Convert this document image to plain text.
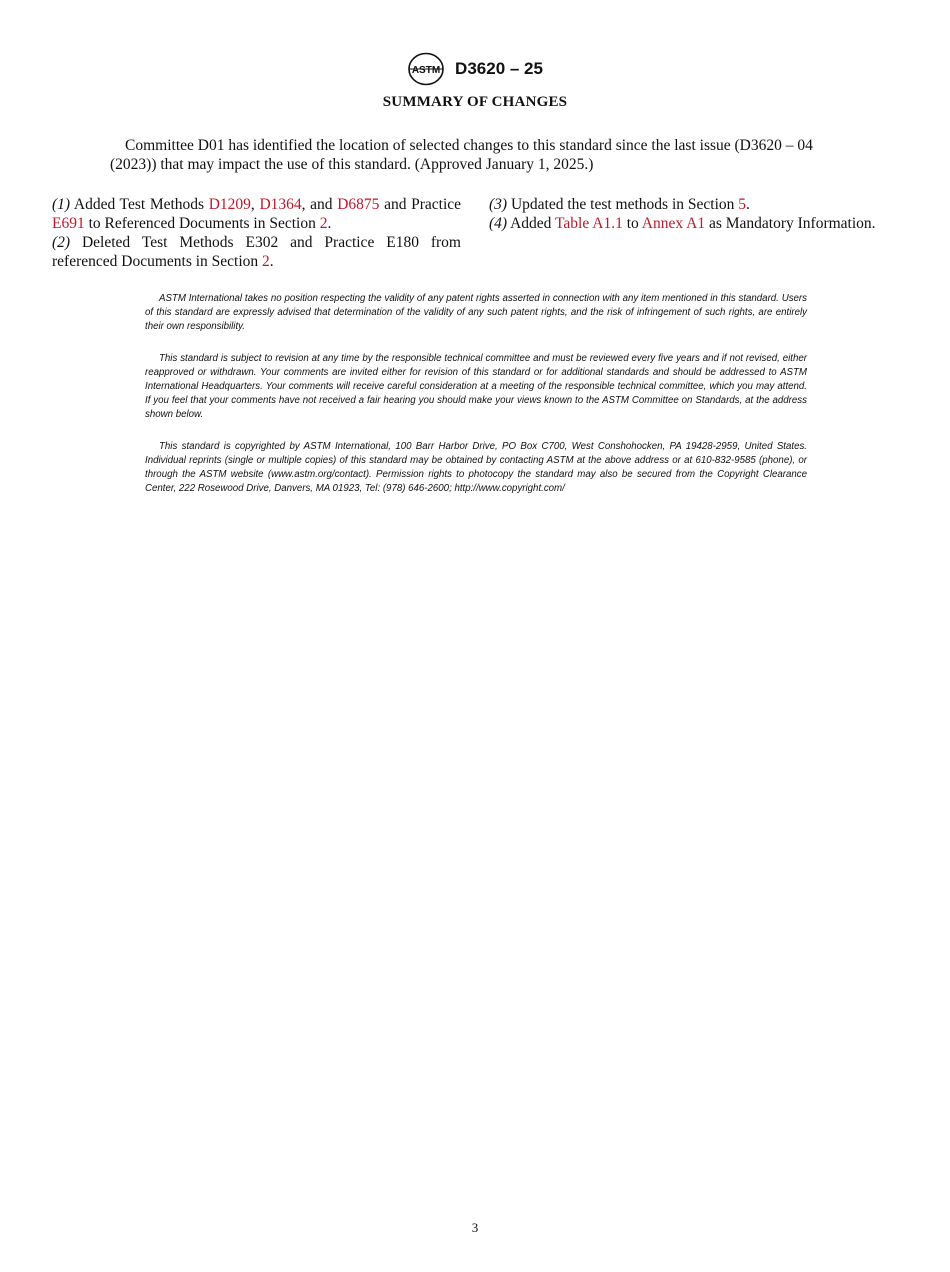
ASTM D3620 – 25
SUMMARY OF CHANGES

Committee D01 has identified the location of selected changes to this standard since the last issue (D3620 – 04 (2023)) that may impact the use of this standard. (Approved January 1, 2025.)

(1) Added Test Methods D1209, D1364, and D6875 and Practice E691 to Referenced Documents in Section 2.

(2) Deleted Test Methods E302 and Practice E180 from referenced Documents in Section 2.

(3) Updated the test methods in Section 5.

(4) Added Table A1.1 to Annex A1 as Mandatory Information.

ASTM International takes no position respecting the validity of any patent rights asserted in connection with any item mentioned in this standard. Users of this standard are expressly advised that determination of the validity of any such patent rights, and the risk of infringement of such rights, are entirely their own responsibility.

This standard is subject to revision at any time by the responsible technical committee and must be reviewed every five years and if not revised, either reapproved or withdrawn. Your comments are invited either for revision of this standard or for additional standards and should be addressed to ASTM International Headquarters. Your comments will receive careful consideration at a meeting of the responsible technical committee, which you may attend. If you feel that your comments have not received a fair hearing you should make your views known to the ASTM Committee on Standards, at the address shown below.

This standard is copyrighted by ASTM International, 100 Barr Harbor Drive, PO Box C700, West Conshohocken, PA 19428-2959, United States. Individual reprints (single or multiple copies) of this standard may be obtained by contacting ASTM at the above address or at 610-832-9585 (phone), or through the ASTM website (www.astm.org/contact). Permission rights to photocopy the standard may also be secured from the Copyright Clearance Center, 222 Rosewood Drive, Danvers, MA 01923, Tel: (978) 646-2600; http://www.copyright.com/

3
